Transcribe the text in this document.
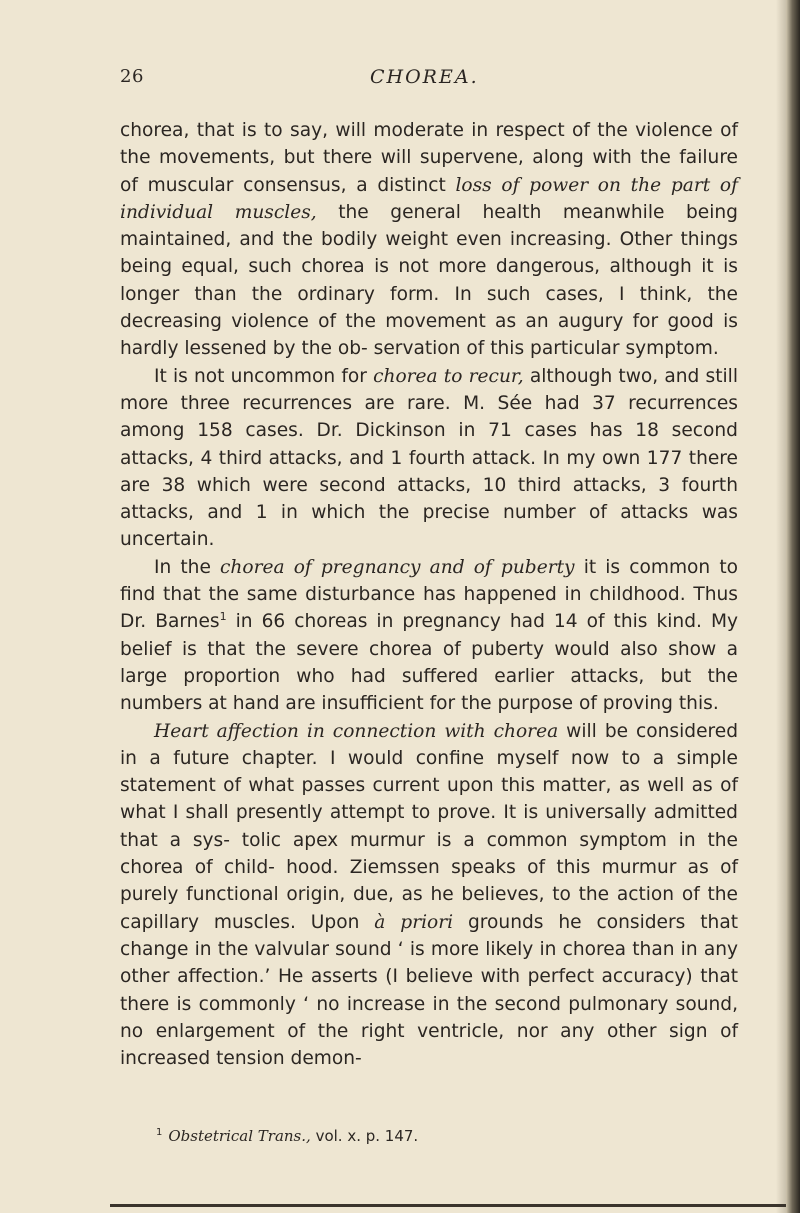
26	CHOREA.

chorea, that is to say, will moderate in respect of the violence of the movements, but there will supervene, along with the failure of muscular consensus, a distinct loss of power on the part of individual muscles, the general health meanwhile being maintained, and the bodily weight even increasing. Other things being equal, such chorea is not more dangerous, although it is longer than the ordinary form. In such cases, I think, the decreasing violence of the movement as an augury for good is hardly lessened by the ob- servation of this particular symptom.

It is not uncommon for chorea to recur, although two, and still more three recurrences are rare. M. Sée had 37 recurrences among 158 cases. Dr. Dickinson in 71 cases has 18 second attacks, 4 third attacks, and 1 fourth attack. In my own 177 there are 38 which were second attacks, 10 third attacks, 3 fourth attacks, and 1 in which the precise number of attacks was uncertain.

In the chorea of pregnancy and of puberty it is common to find that the same disturbance has happened in childhood. Thus Dr. Barnes$^1$ in 66 choreas in pregnancy had 14 of this kind. My belief is that the severe chorea of puberty would also show a large proportion who had suffered earlier attacks, but the numbers at hand are insufficient for the purpose of proving this.

Heart affection in connection with chorea will be considered in a future chapter. I would confine myself now to a simple statement of what passes current upon this matter, as well as of what I shall presently attempt to prove. It is universally admitted that a sys- tolic apex murmur is a common symptom in the chorea of child- hood. Ziemssen speaks of this murmur as of purely functional origin, due, as he believes, to the action of the capillary muscles. Upon à priori grounds he considers that change in the valvular sound ‘ is more likely in chorea than in any other affection.’ He asserts (I believe with perfect accuracy) that there is commonly ‘ no increase in the second pulmonary sound, no enlargement of the right ventricle, nor any other sign of increased tension demon-

$^1$ Obstetrical Trans., vol. x. p. 147.
